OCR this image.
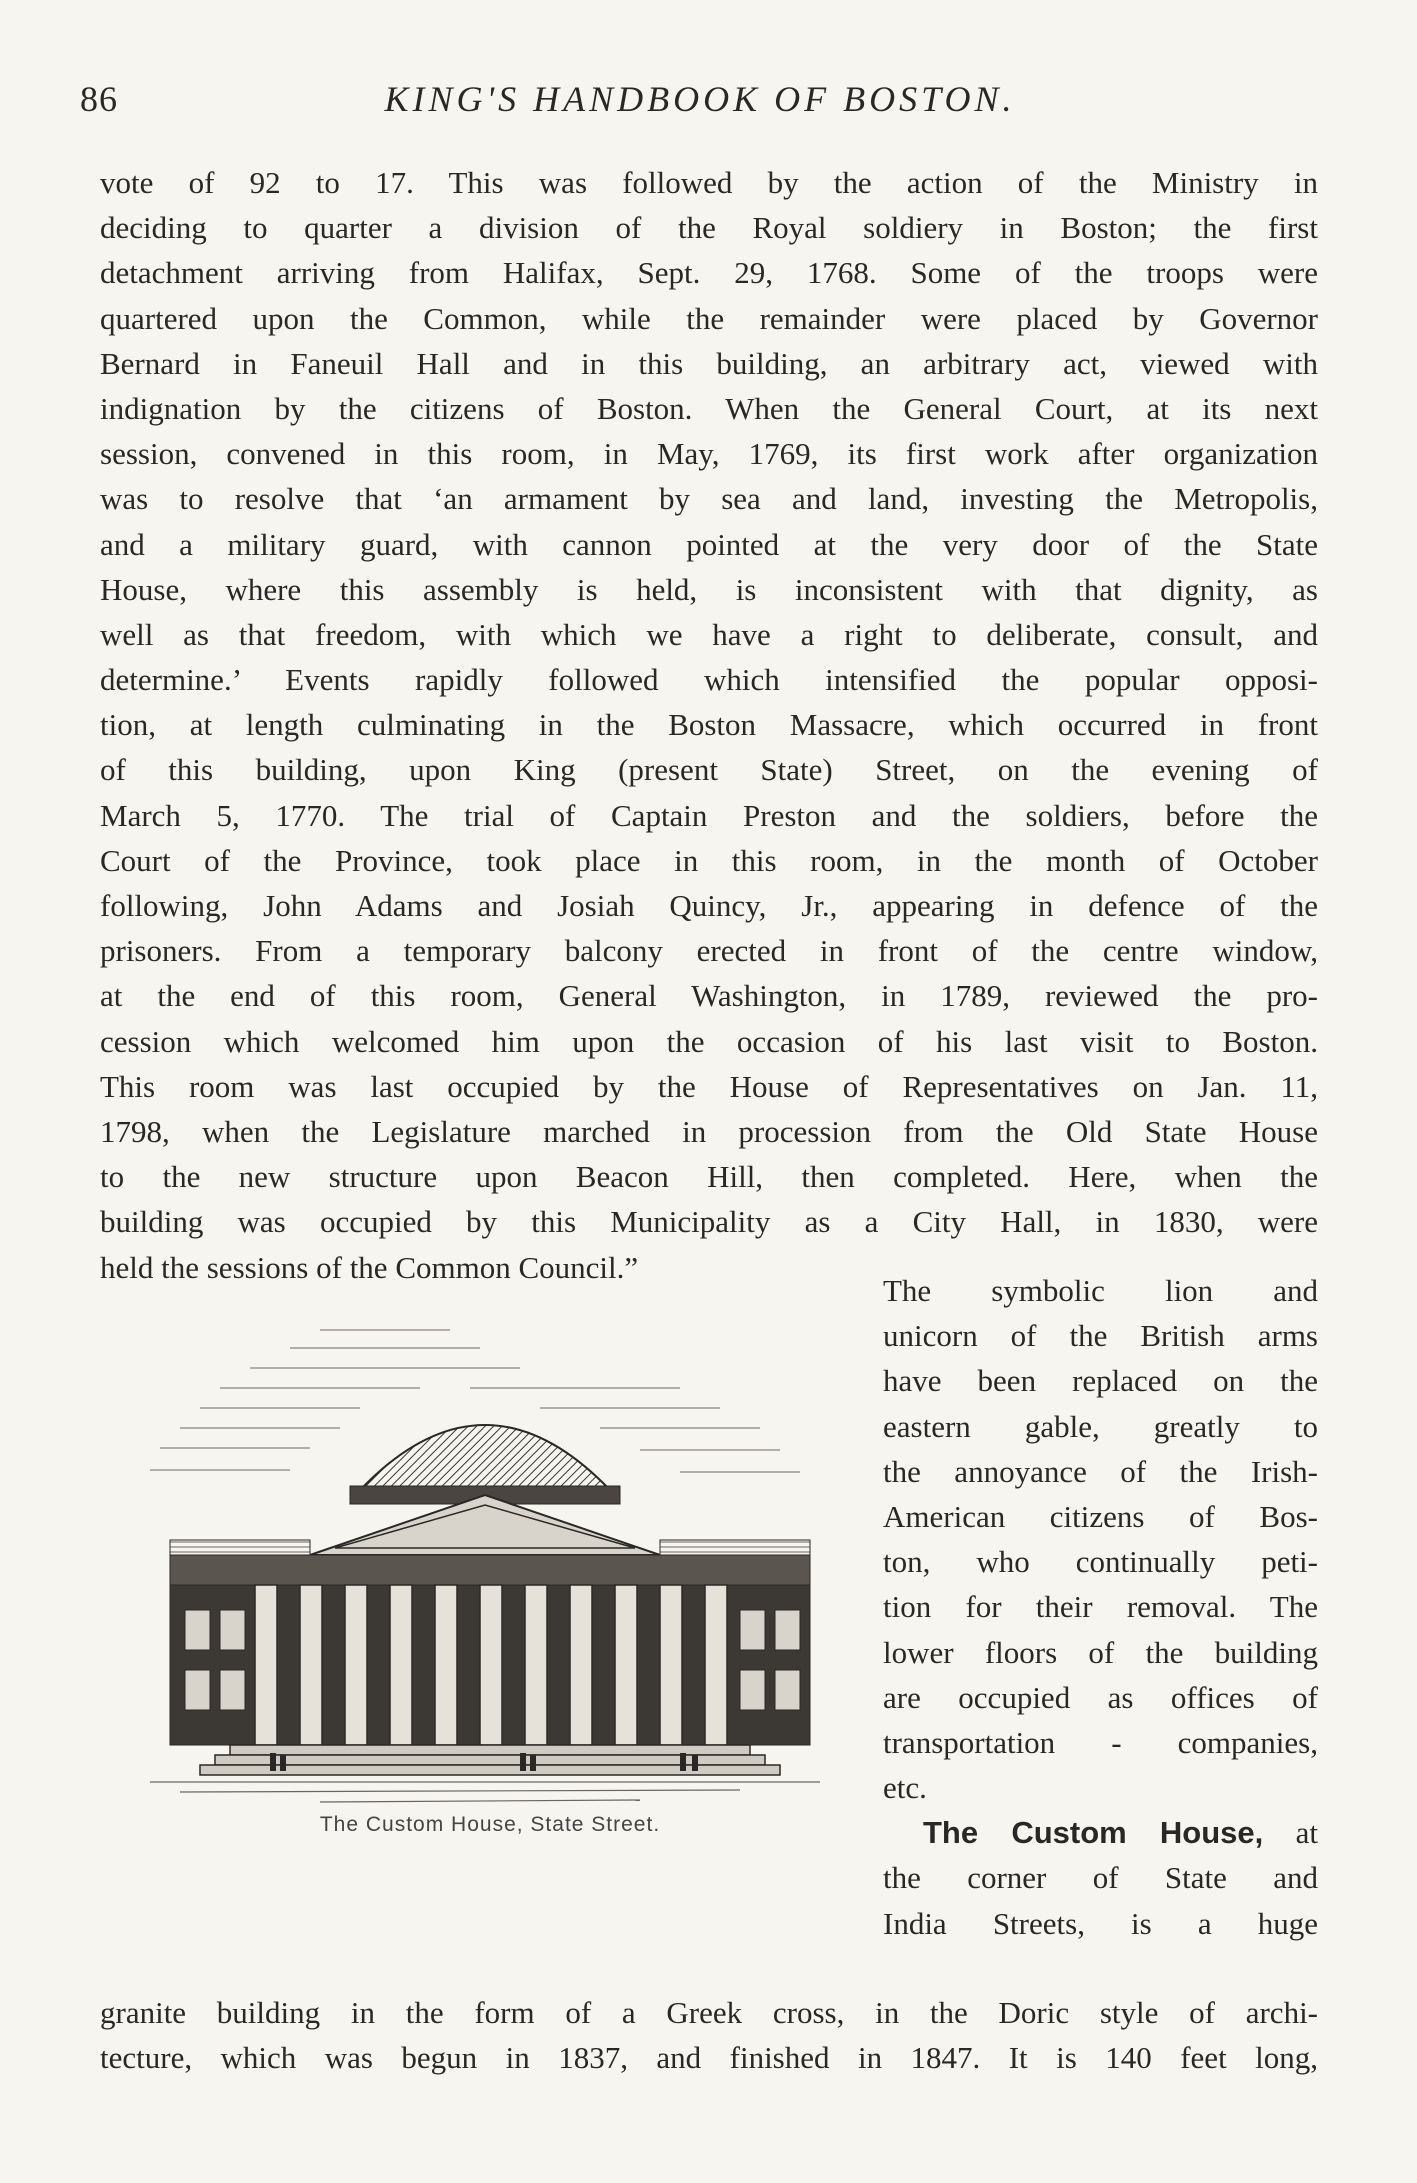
86	KING'S HANDBOOK OF BOSTON.
vote of 92 to 17. This was followed by the action of the Ministry in
deciding to quarter a division of the Royal soldiery in Boston; the first
detachment arriving from Halifax, Sept. 29, 1768. Some of the troops were
quartered upon the Common, while the remainder were placed by Governor
Bernard in Faneuil Hall and in this building, an arbitrary act, viewed with
indignation by the citizens of Boston. When the General Court, at its next
session, convened in this room, in May, 1769, its first work after organization
was to resolve that ‘an armament by sea and land, investing the Metropolis,
and a military guard, with cannon pointed at the very door of the State
House, where this assembly is held, is inconsistent with that dignity, as
well as that freedom, with which we have a right to deliberate, consult, and
determine.’ Events rapidly followed which intensified the popular opposi-
tion, at length culminating in the Boston Massacre, which occurred in front
of this building, upon King (present State) Street, on the evening of
March 5, 1770. The trial of Captain Preston and the soldiers, before the
Court of the Province, took place in this room, in the month of October
following, John Adams and Josiah Quincy, Jr., appearing in defence of the
prisoners. From a temporary balcony erected in front of the centre window,
at the end of this room, General Washington, in 1789, reviewed the pro-
cession which welcomed him upon the occasion of his last visit to Boston.
This room was last occupied by the House of Representatives on Jan. 11,
1798, when the Legislature marched in procession from the Old State House
to the new structure upon Beacon Hill, then completed. Here, when the
building was occupied by this Municipality as a City Hall, in 1830, were
held the sessions of the Common Council.”
The Custom House, State Street.
The symbolic lion and
unicorn of the British arms
have been replaced on the
eastern gable, greatly to
the annoyance of the Irish-
American citizens of Bos-
ton, who continually peti-
tion for their removal. The
lower floors of the building
are occupied as offices of
transportation - companies,
etc.
The Custom House, at
the corner of State and
India Streets, is a huge
granite building in the form of a Greek cross, in the Doric style of archi-
tecture, which was begun in 1837, and finished in 1847. It is 140 feet long,
